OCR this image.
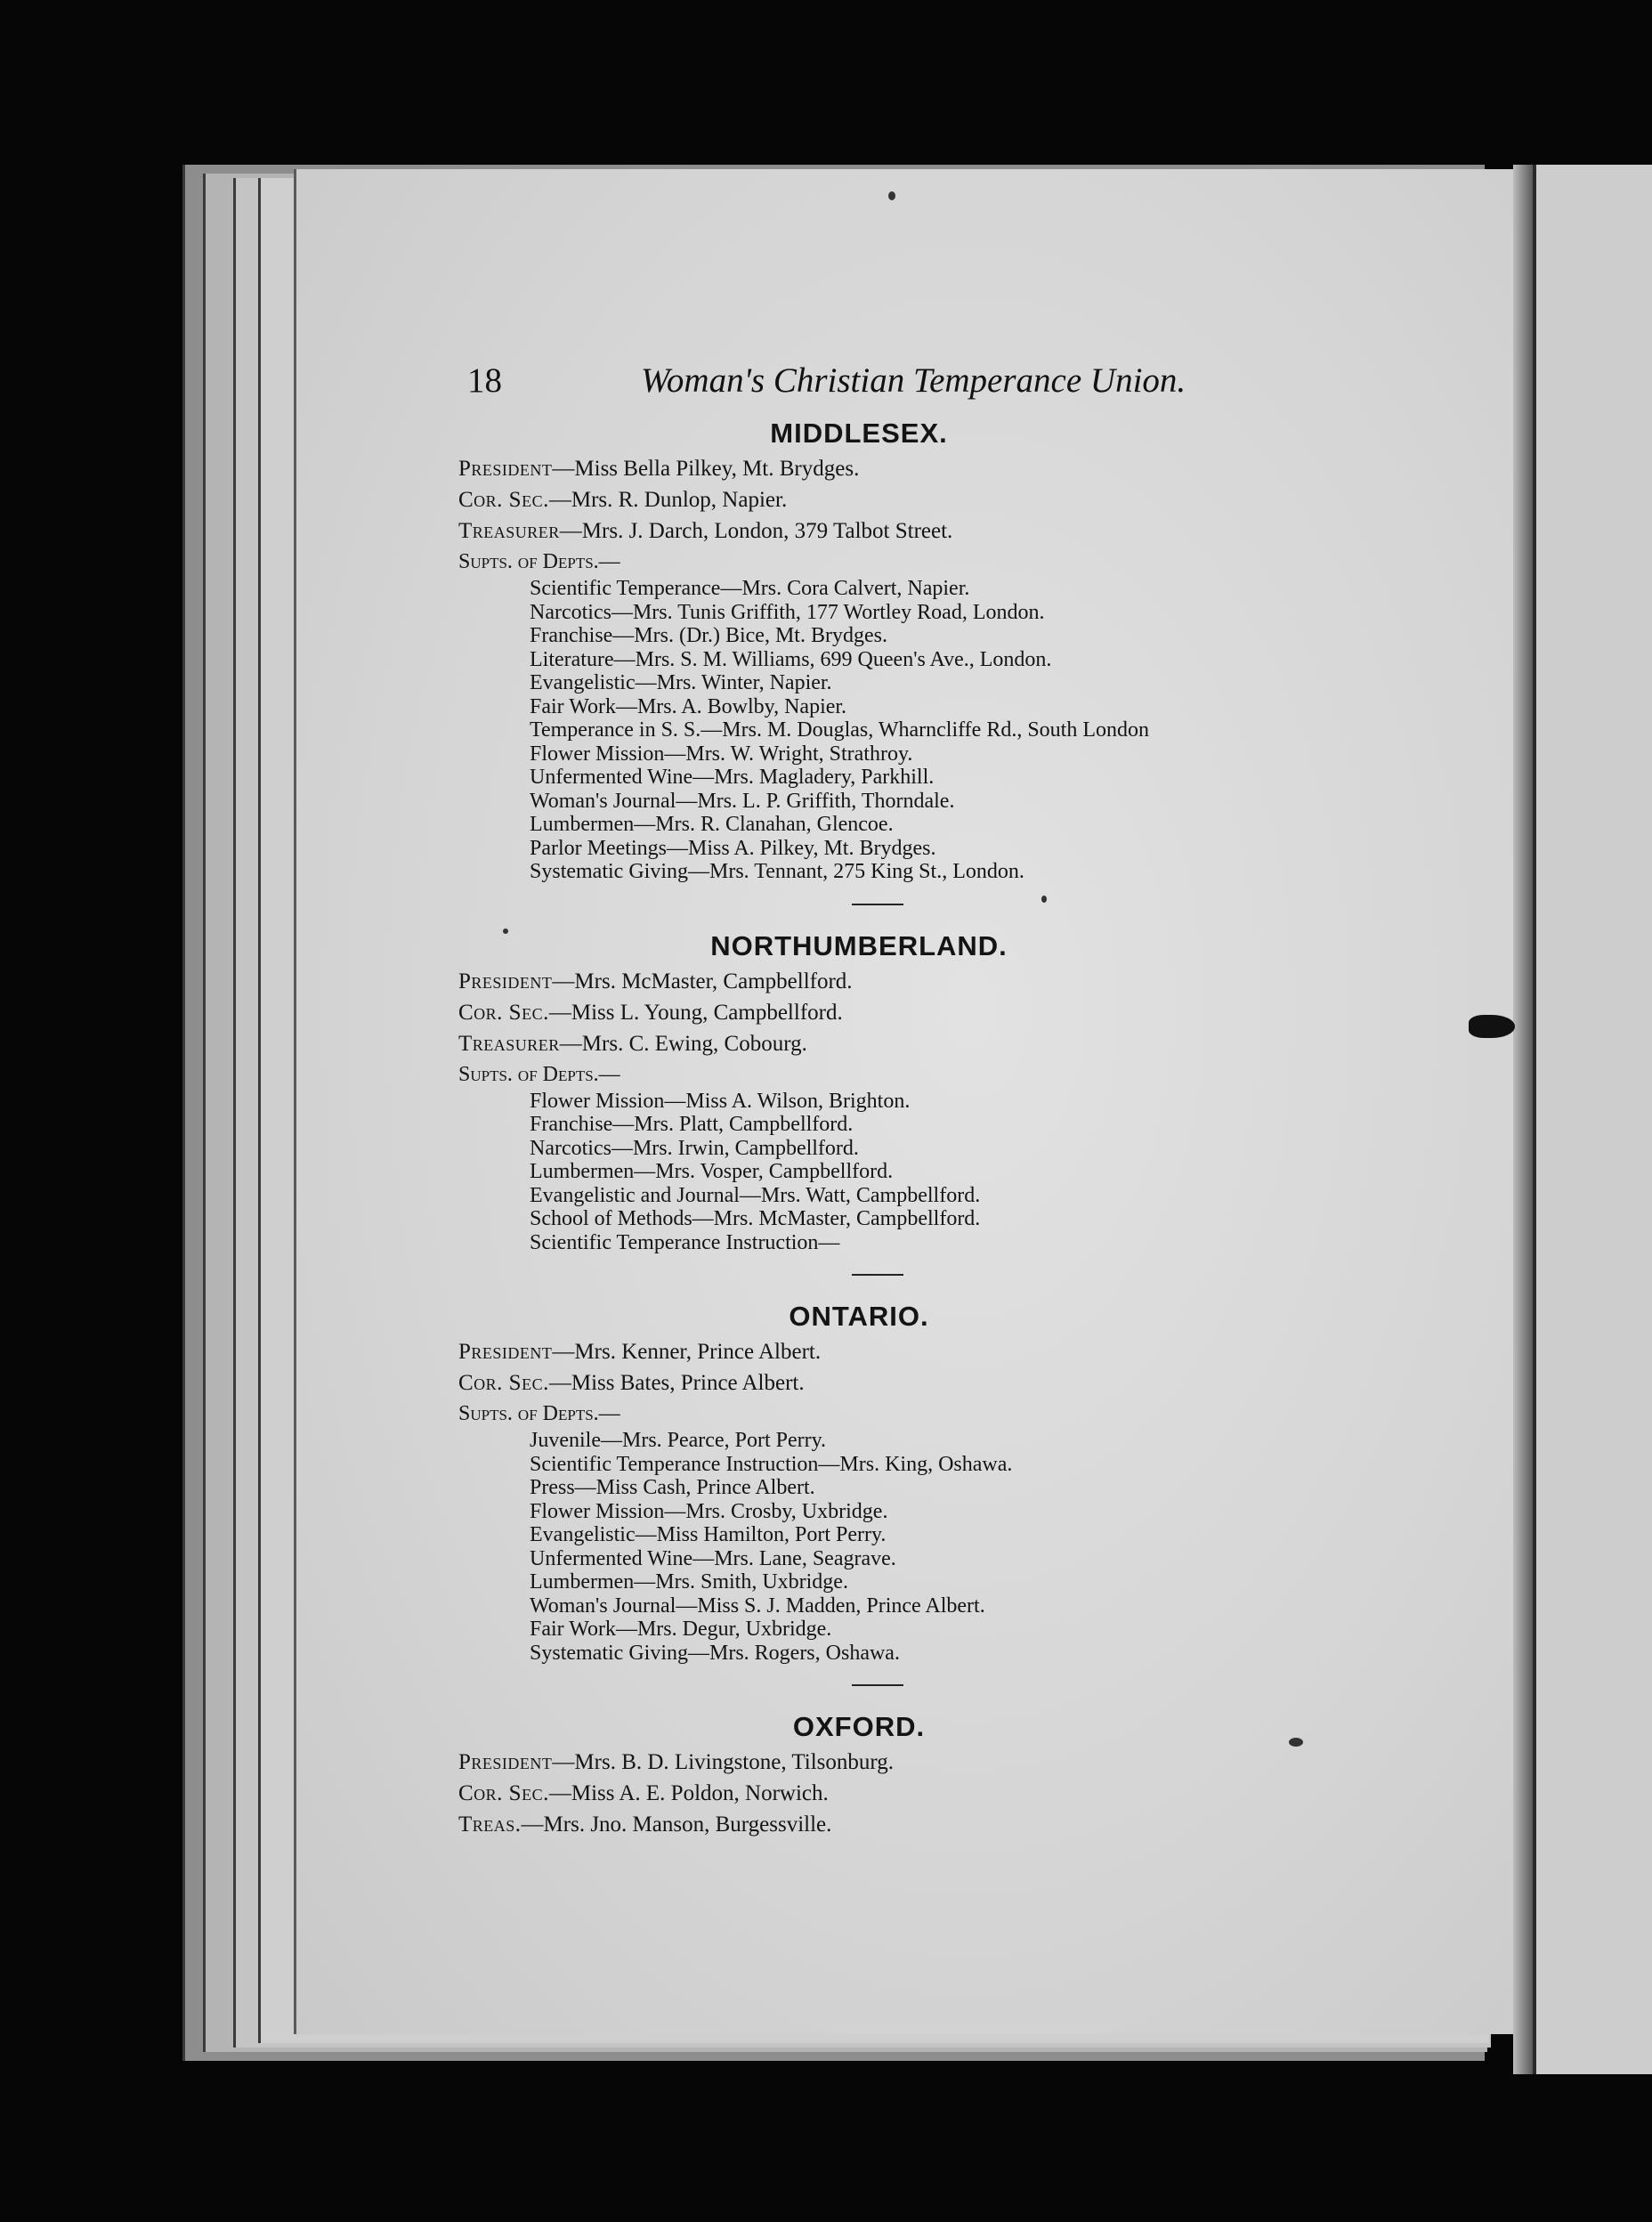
18	Woman's Christian Temperance Union.
MIDDLESEX.
President—Miss Bella Pilkey, Mt. Brydges.
Cor. Sec.—Mrs. R. Dunlop, Napier.
Treasurer—Mrs. J. Darch, London, 379 Talbot Street.
Supts. of Depts.—
Scientific Temperance—Mrs. Cora Calvert, Napier.
Narcotics—Mrs. Tunis Griffith, 177 Wortley Road, London.
Franchise—Mrs. (Dr.) Bice, Mt. Brydges.
Literature—Mrs. S. M. Williams, 699 Queen's Ave., London.
Evangelistic—Mrs. Winter, Napier.
Fair Work—Mrs. A. Bowlby, Napier.
Temperance in S. S.—Mrs. M. Douglas, Wharncliffe Rd., South London
Flower Mission—Mrs. W. Wright, Strathroy.
Unfermented Wine—Mrs. Magladery, Parkhill.
Woman's Journal—Mrs. L. P. Griffith, Thorndale.
Lumbermen—Mrs. R. Clanahan, Glencoe.
Parlor Meetings—Miss A. Pilkey, Mt. Brydges.
Systematic Giving—Mrs. Tennant, 275 King St., London.
NORTHUMBERLAND.
President—Mrs. McMaster, Campbellford.
Cor. Sec.—Miss L. Young, Campbellford.
Treasurer—Mrs. C. Ewing, Cobourg.
Supts. of Depts.—
Flower Mission—Miss A. Wilson, Brighton.
Franchise—Mrs. Platt, Campbellford.
Narcotics—Mrs. Irwin, Campbellford.
Lumbermen—Mrs. Vosper, Campbellford.
Evangelistic and Journal—Mrs. Watt, Campbellford.
School of Methods—Mrs. McMaster, Campbellford.
Scientific Temperance Instruction—
ONTARIO.
President—Mrs. Kenner, Prince Albert.
Cor. Sec.—Miss Bates, Prince Albert.
Supts. of Depts.—
Juvenile—Mrs. Pearce, Port Perry.
Scientific Temperance Instruction—Mrs. King, Oshawa.
Press—Miss Cash, Prince Albert.
Flower Mission—Mrs. Crosby, Uxbridge.
Evangelistic—Miss Hamilton, Port Perry.
Unfermented Wine—Mrs. Lane, Seagrave.
Lumbermen—Mrs. Smith, Uxbridge.
Woman's Journal—Miss S. J. Madden, Prince Albert.
Fair Work—Mrs. Degur, Uxbridge.
Systematic Giving—Mrs. Rogers, Oshawa.
OXFORD.
President—Mrs. B. D. Livingstone, Tilsonburg.
Cor. Sec.—Miss A. E. Poldon, Norwich.
Treas.—Mrs. Jno. Manson, Burgessville.
